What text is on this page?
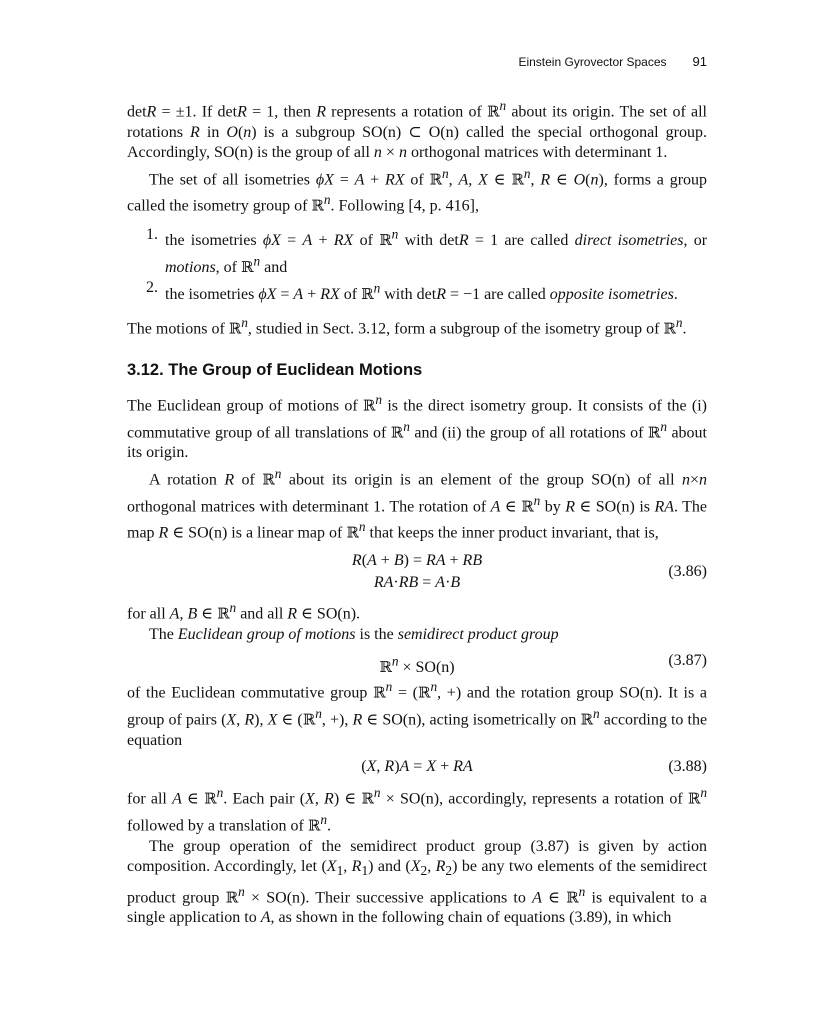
Einstein Gyrovector Spaces 91

detR = ±1. If detR = 1, then R represents a rotation of ℝ$^n$ about its origin. The set of all rotations R in O(n) is a subgroup SO(n) ⊂ O(n) called the special orthogonal group. Accordingly, SO(n) is the group of all n × n orthogonal matrices with determinant 1.

The set of all isometries ϕX = A + RX of ℝ$^n$, A, X ∈ ℝ$^n$, R ∈ O(n), forms a group called the isometry group of ℝ$^n$. Following [4, p. 416],

1. the isometries ϕX = A + RX of ℝ$^n$ with detR = 1 are called direct isometries, or motions, of ℝ$^n$ and
2. the isometries ϕX = A + RX of ℝ$^n$ with detR = −1 are called opposite isometries.

The motions of ℝ$^n$, studied in Sect. 3.12, form a subgroup of the isometry group of ℝ$^n$.

3.12. The Group of Euclidean Motions

The Euclidean group of motions of ℝ$^n$ is the direct isometry group. It consists of the (i) commutative group of all translations of ℝ$^n$ and (ii) the group of all rotations of ℝ$^n$ about its origin.

A rotation R of ℝ$^n$ about its origin is an element of the group SO(n) of all n×n orthogonal matrices with determinant 1. The rotation of A ∈ ℝ$^n$ by R ∈ SO(n) is RA. The map R ∈ SO(n) is a linear map of ℝ$^n$ that keeps the inner product invariant, that is,

R(A + B) = RA + RB
RA·RB = A·B
(3.86)

for all A, B ∈ ℝ$^n$ and all R ∈ SO(n).

The Euclidean group of motions is the semidirect product group

ℝ$^n$ × SO(n)	(3.87)

of the Euclidean commutative group ℝ$^n$ = (ℝ$^n$, +) and the rotation group SO(n). It is a group of pairs (X, R), X ∈ (ℝ$^n$, +), R ∈ SO(n), acting isometrically on ℝ$^n$ according to the equation

(X, R)A = X + RA	(3.88)

for all A ∈ ℝ$^n$. Each pair (X, R) ∈ ℝ$^n$ × SO(n), accordingly, represents a rotation of ℝ$^n$ followed by a translation of ℝ$^n$.

The group operation of the semidirect product group (3.87) is given by action composition. Accordingly, let ($X_1$, $R_1$) and ($X_2$, $R_2$) be any two elements of the semidirect product group ℝ$^n$ × SO(n). Their successive applications to A ∈ ℝ$^n$ is equivalent to a single application to A, as shown in the following chain of equations (3.89), in which
